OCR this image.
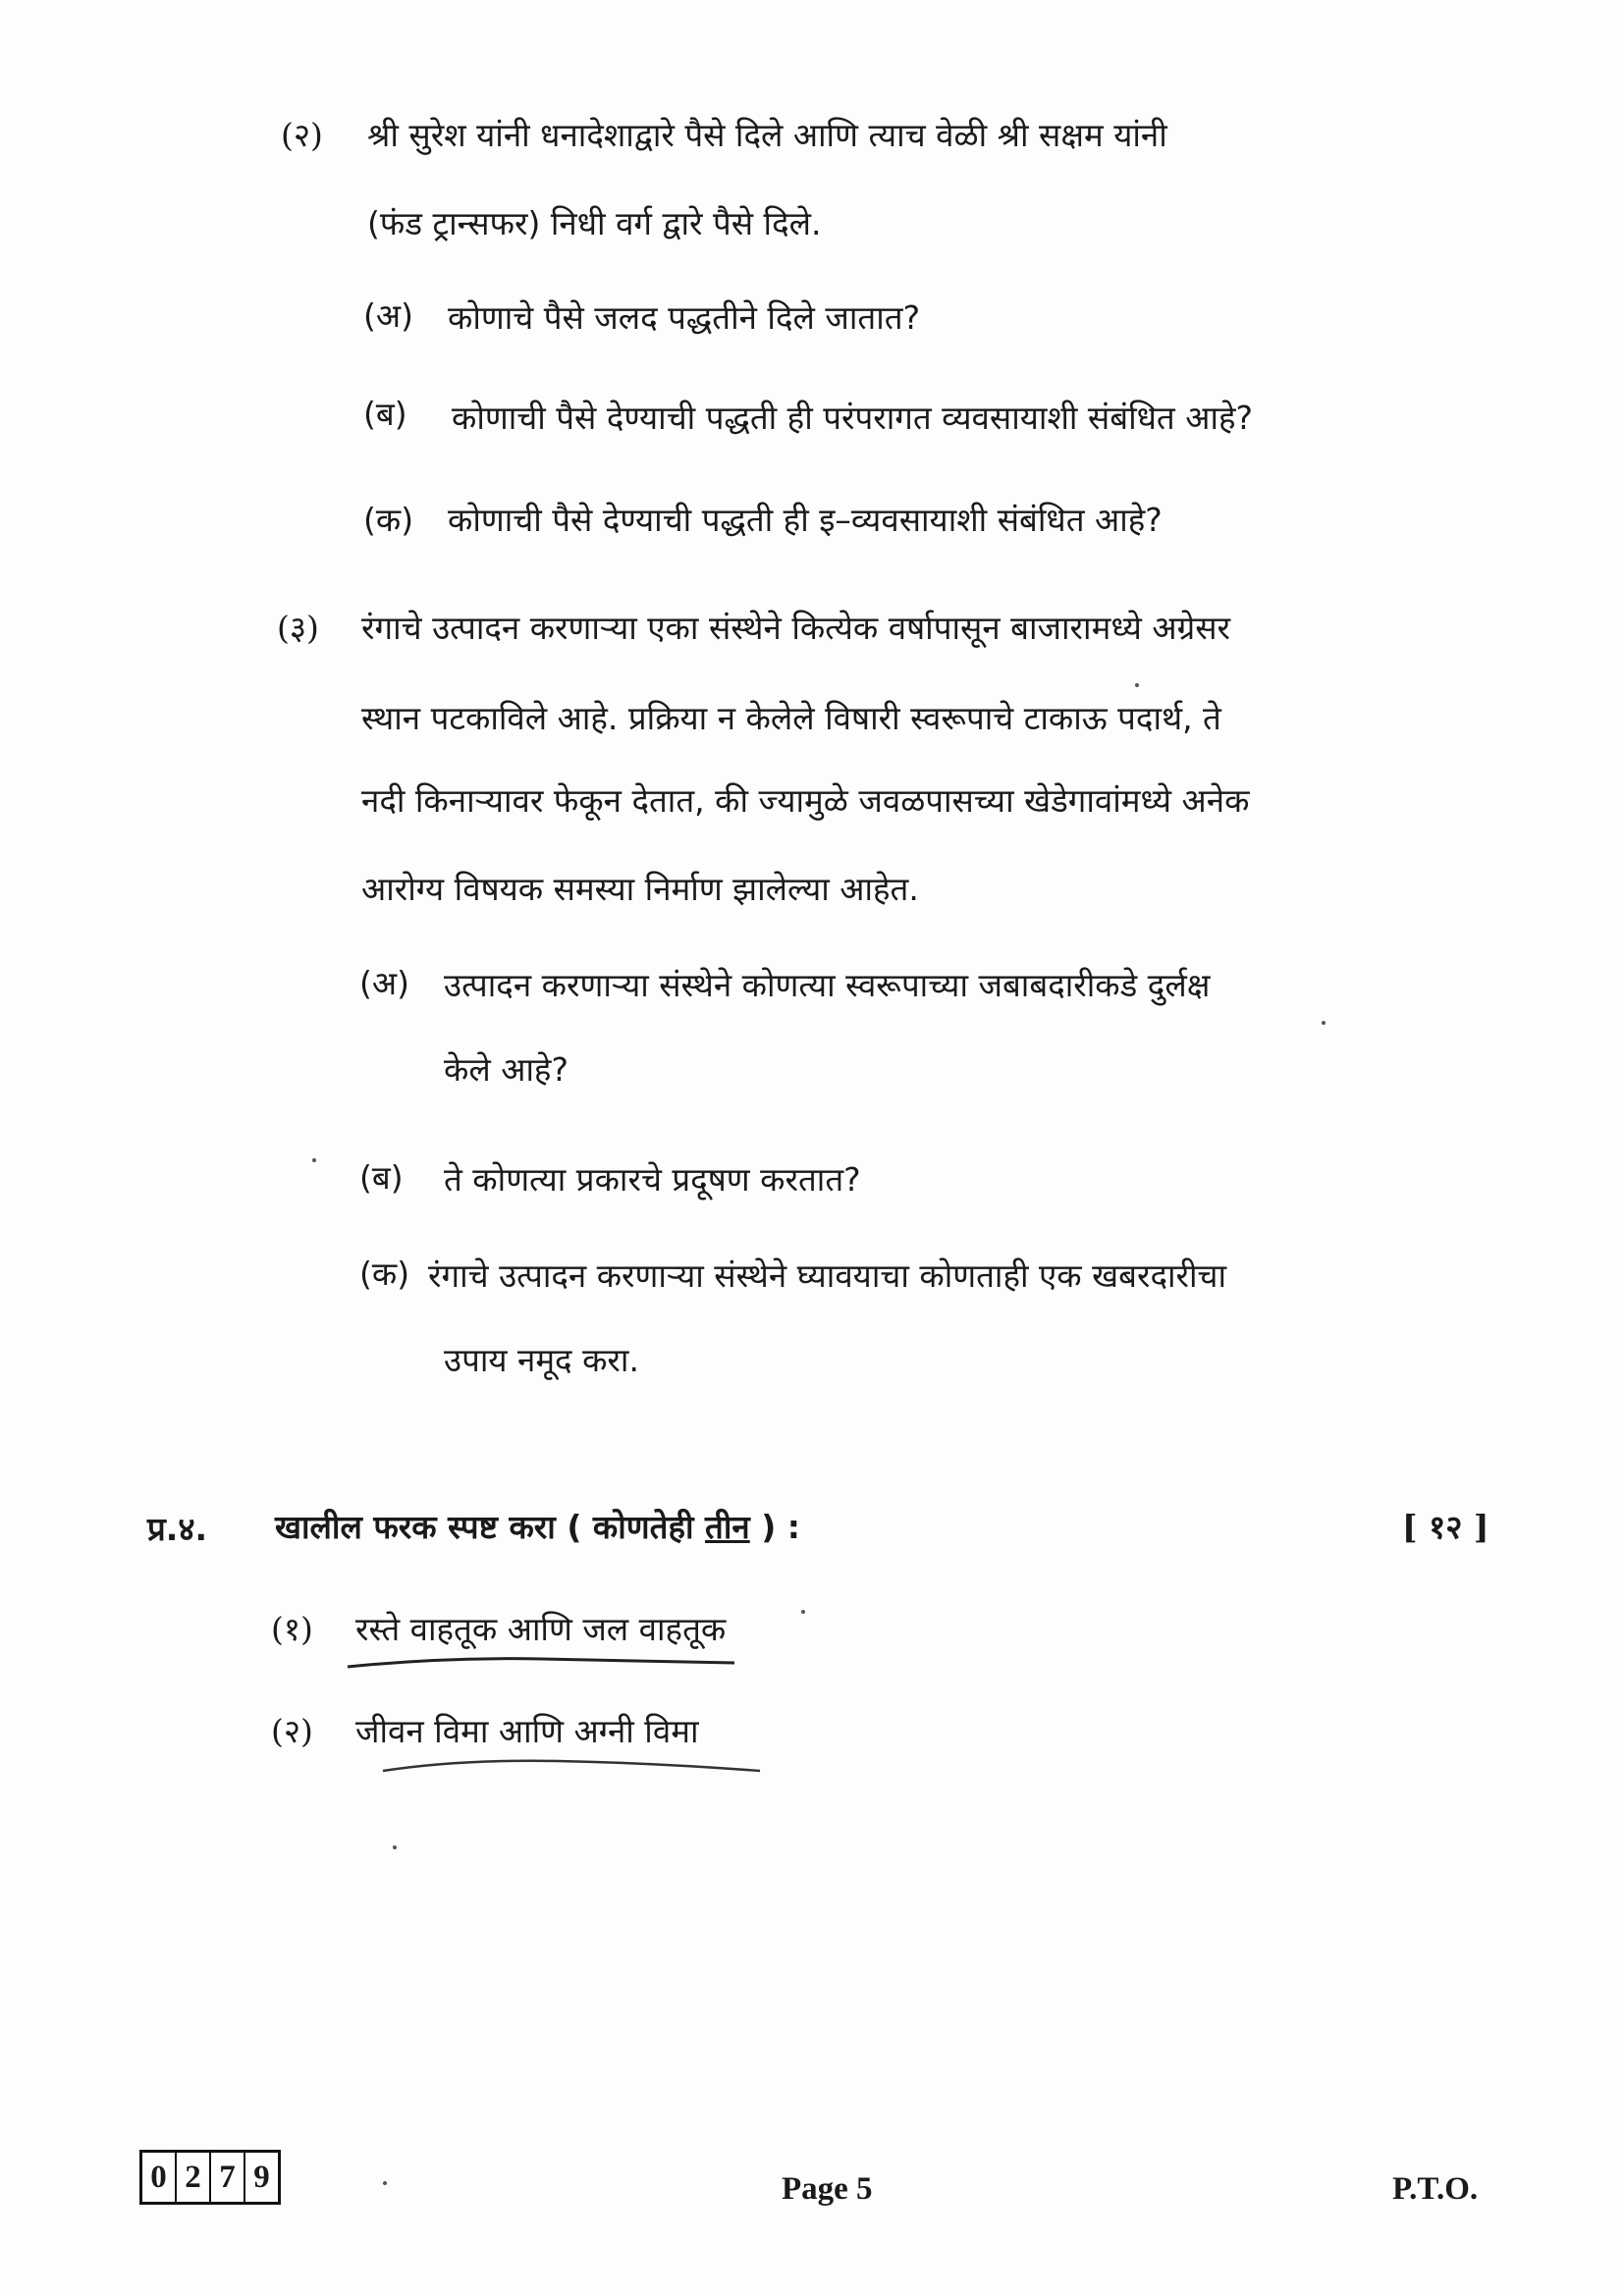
(२) श्री सुरेश यांनी धनादेशाद्वारे पैसे दिले आणि त्याच वेळी श्री सक्षम यांनी
(फंड ट्रान्सफर) निधी वर्ग द्वारे पैसे दिले.
(अ) कोणाचे पैसे जलद पद्धतीने दिले जातात?
(ब) कोणाची पैसे देण्याची पद्धती ही परंपरागत व्यवसायाशी संबंधित आहे?
(क) कोणाची पैसे देण्याची पद्धती ही इ–व्यवसायाशी संबंधित आहे?
(३) रंगाचे उत्पादन करणाऱ्या एका संस्थेने कित्येक वर्षापासून बाजारामध्ये अग्रेसर
स्थान पटकाविले आहे. प्रक्रिया न केलेले विषारी स्वरूपाचे टाकाऊ पदार्थ, ते
नदी किनाऱ्यावर फेकून देतात, की ज्यामुळे जवळपासच्या खेडेगावांमध्ये अनेक
आरोग्य विषयक समस्या निर्माण झालेल्या आहेत.
(अ) उत्पादन करणाऱ्या संस्थेने कोणत्या स्वरूपाच्या जबाबदारीकडे दुर्लक्ष
केले आहे?
(ब) ते कोणत्या प्रकारचे प्रदूषण करतात?
(क) रंगाचे उत्पादन करणाऱ्या संस्थेने घ्यावयाचा कोणताही एक खबरदारीचा
उपाय नमूद करा.
प्र.४. खालील फरक स्पष्ट करा ( कोणतेही तीन ) :	[ १२ ]
(१) रस्ते वाहतूक आणि जल वाहतूक
(२) जीवन विमा आणि अग्नी विमा
0 2 7 9	Page 5	P.T.O.
